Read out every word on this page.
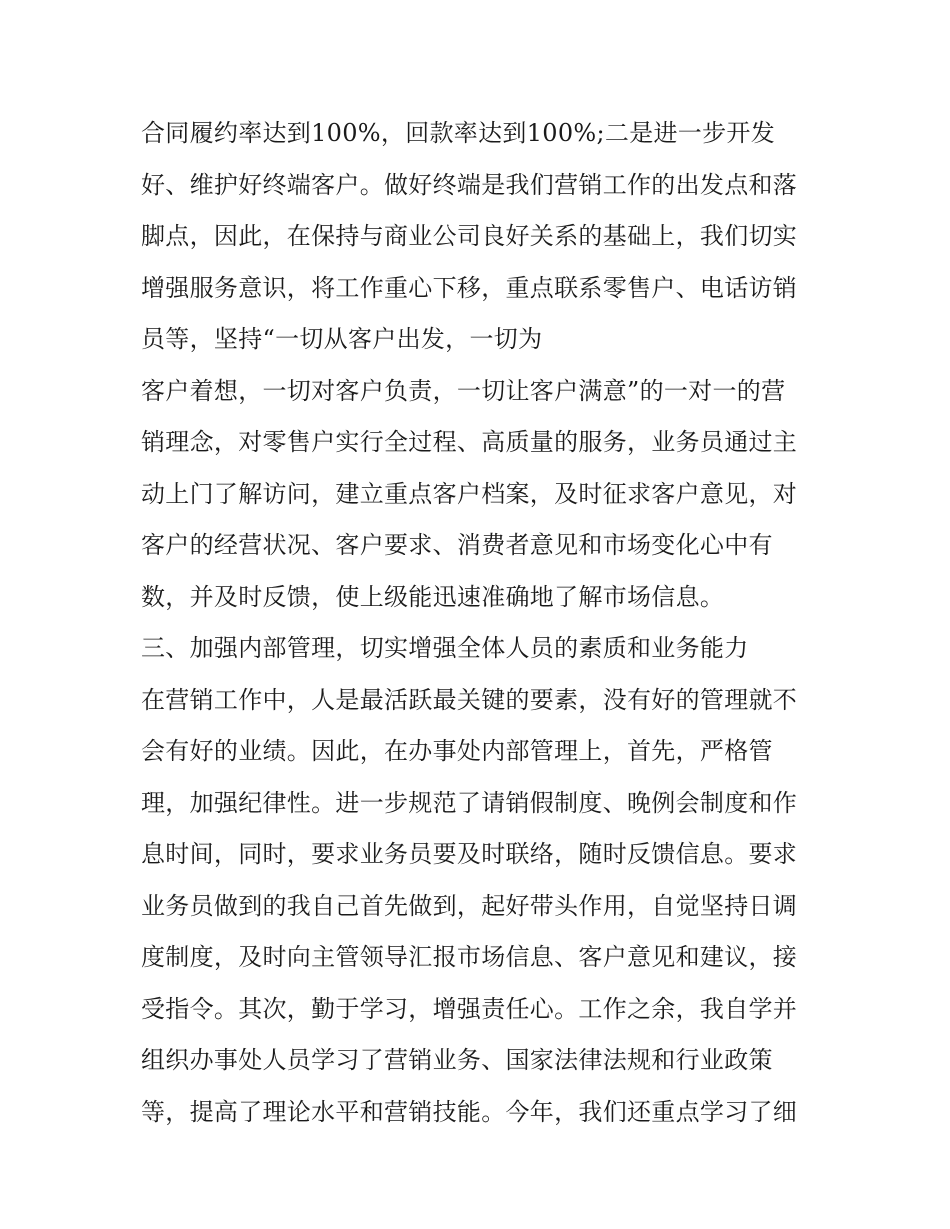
合同履约率达到100%，回款率达到100%;二是进一步开发
好、维护好终端客户。做好终端是我们营销工作的出发点和落
脚点，因此，在保持与商业公司良好关系的基础上，我们切实
增强服务意识，将工作重心下移，重点联系零售户、电话访销
员等，坚持“一切从客户出发，一切为
客户着想，一切对客户负责，一切让客户满意”的一对一的营
销理念，对零售户实行全过程、高质量的服务，业务员通过主
动上门了解访问，建立重点客户档案，及时征求客户意见，对
客户的经营状况、客户要求、消费者意见和市场变化心中有
数，并及时反馈，使上级能迅速准确地了解市场信息。
三、加强内部管理，切实增强全体人员的素质和业务能力
在营销工作中，人是最活跃最关键的要素，没有好的管理就不
会有好的业绩。因此，在办事处内部管理上，首先，严格管
理，加强纪律性。进一步规范了请销假制度、晚例会制度和作
息时间，同时，要求业务员要及时联络，随时反馈信息。要求
业务员做到的我自己首先做到，起好带头作用，自觉坚持日调
度制度，及时向主管领导汇报市场信息、客户意见和建议，接
受指令。其次，勤于学习，增强责任心。工作之余，我自学并
组织办事处人员学习了营销业务、国家法律法规和行业政策
等，提高了理论水平和营销技能。今年，我们还重点学习了细
